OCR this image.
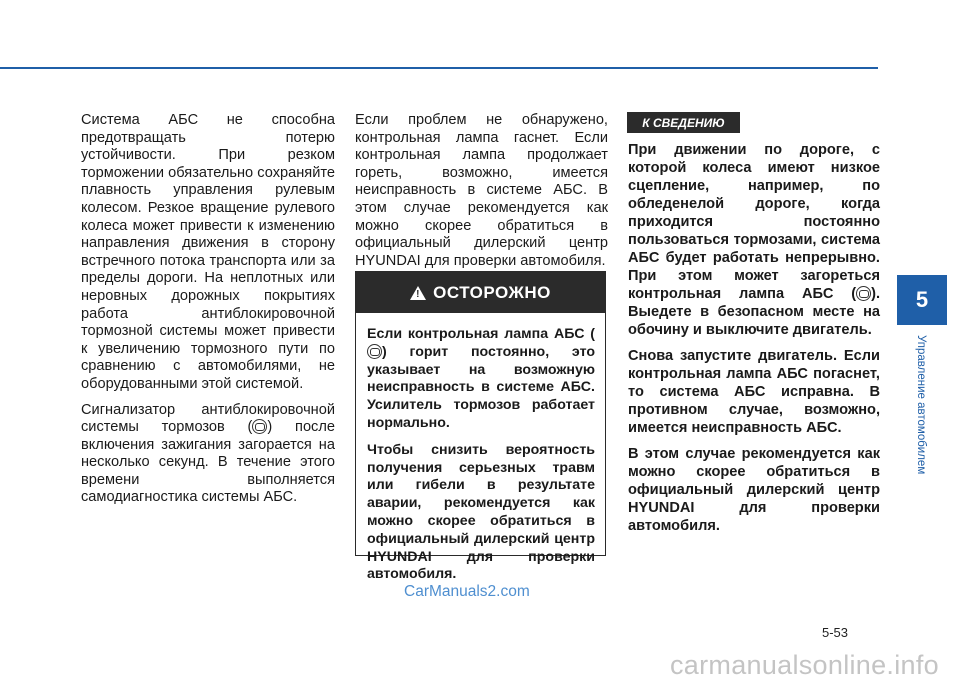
Система АБС не способна предотвращать потерю устойчивости. При резком торможении обязательно сохраняйте плавность управления рулевым колесом. Резкое вращение рулевого колеса может привести к изменению направления движения в сторону встречного потока транспорта или за пределы дороги. На неплотных или неровных дорожных покрытиях работа антиблокировочной тормозной системы может привести к увеличению тормозного пути по сравнению с автомобилями, не оборудованными этой системой.

Сигнализатор антиблокировочной системы тормозов ( ) после включения зажигания загорается на несколько секунд. В течение этого времени выполняется самодиагностика системы АБС.

Если проблем не обнаружено, контрольная лампа гаснет. Если контрольная лампа продолжает гореть, возможно, имеется неисправность в системе АБС. В этом случае рекомендуется как можно скорее обратиться в официальный дилерский центр HYUNDAI для проверки автомобиля.

! ОСТОРОЖНО

Если контрольная лампа АБС () горит постоянно, это указывает на возможную неисправность в системе АБС. Усилитель тормозов работает нормально.

Чтобы снизить вероятность получения серьезных травм или гибели в результате аварии, рекомендуется как можно скорее обратиться в официальный дилерский центр HYUNDAI для проверки автомобиля.

К СВЕДЕНИЮ

При движении по дороге, с которой колеса имеют низкое сцепление, например, по обледенелой дороге, когда приходится постоянно пользоваться тормозами, система АБС будет работать непрерывно. При этом может загореться контрольная лампа АБС ( ). Выедете в безопасном месте на обочину и выключите двигатель.

Снова запустите двигатель. Если контрольная лампа АБС погаснет, то система АБС исправна. В противном случае, возможно, имеется неисправность АБС.

В этом случае рекомендуется как можно скорее обратиться в официальный дилерский центр HYUNDAI для проверки автомобиля.

5
Управление автомобилем
5-53
CarManuals2.com
carmanualsonline.info
